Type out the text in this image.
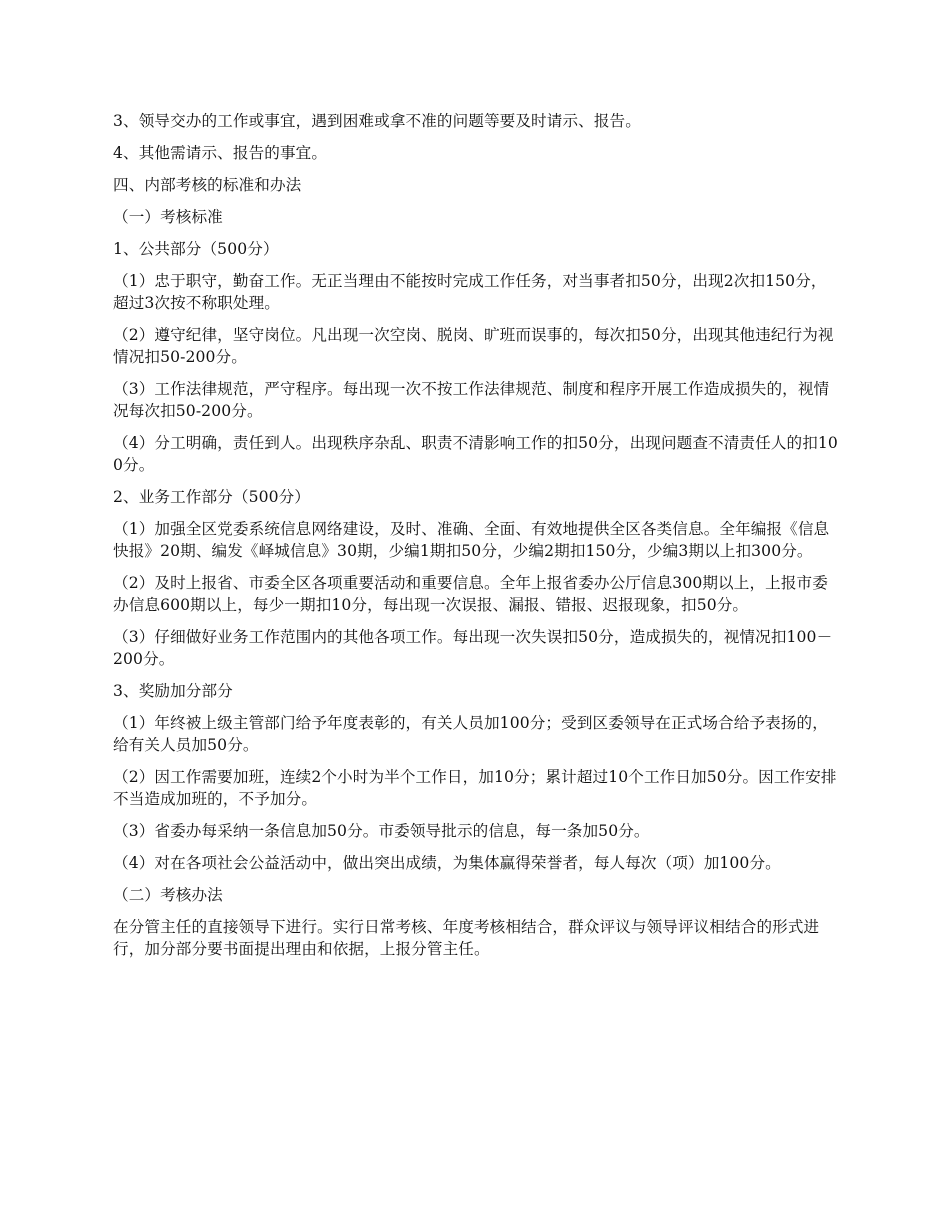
3、领导交办的工作或事宜，遇到困难或拿不准的问题等要及时请示、报告。

4、其他需请示、报告的事宜。

四、内部考核的标准和办法

（一）考核标准

1、公共部分（500分）

（1）忠于职守，勤奋工作。无正当理由不能按时完成工作任务，对当事者扣50分，出现2次扣150分，超过3次按不称职处理。

（2）遵守纪律，坚守岗位。凡出现一次空岗、脱岗、旷班而误事的，每次扣50分，出现其他违纪行为视情况扣50-200分。

（3）工作法律规范，严守程序。每出现一次不按工作法律规范、制度和程序开展工作造成损失的，视情况每次扣50-200分。

（4）分工明确，责任到人。出现秩序杂乱、职责不清影响工作的扣50分，出现问题查不清责任人的扣100分。

2、业务工作部分（500分）

（1）加强全区党委系统信息网络建设，及时、准确、全面、有效地提供全区各类信息。全年编报《信息快报》20期、编发《峄城信息》30期，少编1期扣50分，少编2期扣150分，少编3期以上扣300分。

（2）及时上报省、市委全区各项重要活动和重要信息。全年上报省委办公厅信息300期以上，上报市委办信息600期以上，每少一期扣10分，每出现一次误报、漏报、错报、迟报现象，扣50分。

（3）仔细做好业务工作范围内的其他各项工作。每出现一次失误扣50分，造成损失的，视情况扣100－200分。

3、奖励加分部分

（1）年终被上级主管部门给予年度表彰的，有关人员加100分；受到区委领导在正式场合给予表扬的，给有关人员加50分。

（2）因工作需要加班，连续2个小时为半个工作日，加10分；累计超过10个工作日加50分。因工作安排不当造成加班的，不予加分。

（3）省委办每采纳一条信息加50分。市委领导批示的信息，每一条加50分。

（4）对在各项社会公益活动中，做出突出成绩，为集体赢得荣誉者，每人每次（项）加100分。

（二）考核办法

在分管主任的直接领导下进行。实行日常考核、年度考核相结合，群众评议与领导评议相结合的形式进行，加分部分要书面提出理由和依据，上报分管主任。
